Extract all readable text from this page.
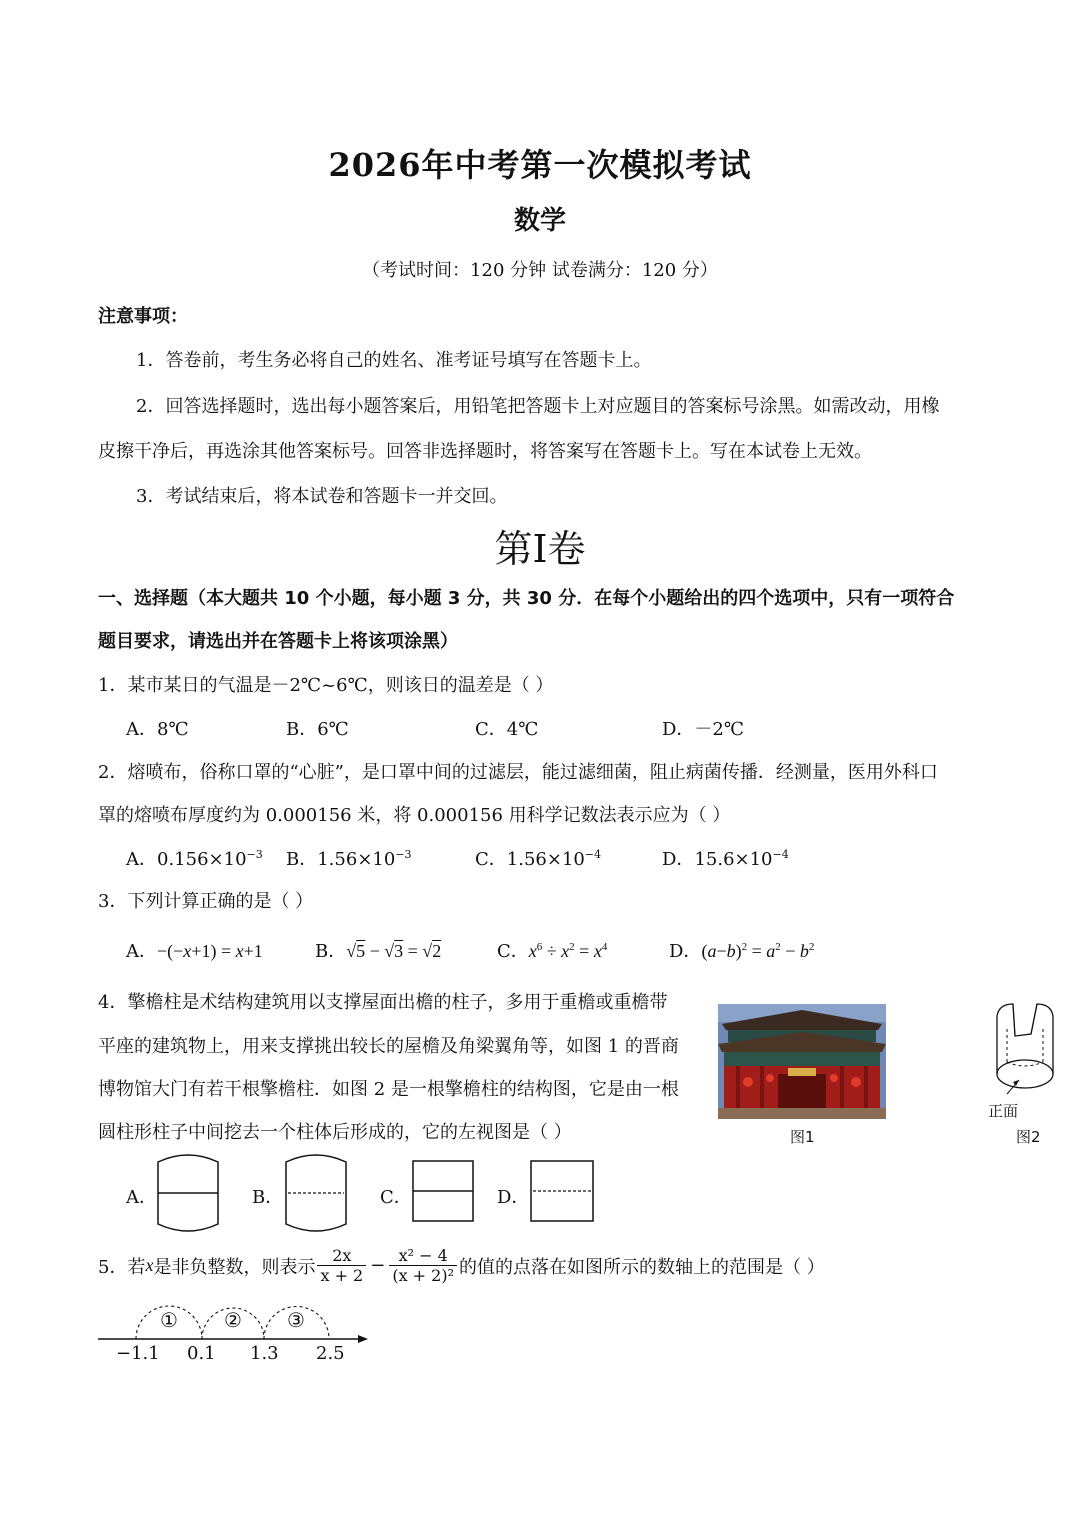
2026年中考第一次模拟考试
数学
（考试时间：120 分钟 试卷满分：120 分）
注意事项：
1．答卷前，考生务必将自己的姓名、准考证号填写在答题卡上。
2．回答选择题时，选出每小题答案后，用铅笔把答题卡上对应题目的答案标号涂黑。如需改动，用橡
皮擦干净后，再选涂其他答案标号。回答非选择题时，将答案写在答题卡上。写在本试卷上无效。
3．考试结束后，将本试卷和答题卡一并交回。
第I卷
一、选择题（本大题共 10 个小题，每小题 3 分，共 30 分．在每个小题给出的四个选项中，只有一项符合
题目要求，请选出并在答题卡上将该项涂黑）
1．某市某日的气温是－2℃~6℃，则该日的温差是（ ）
A．8℃	B．6℃	C．4℃	D．－2℃
2．熔喷布，俗称口罩的“心脏”，是口罩中间的过滤层，能过滤细菌，阻止病菌传播．经测量，医用外科口
罩的熔喷布厚度约为 0.000156 米，将 0.000156 用科学记数法表示应为（ ）
A．$0.156\times 10^{-3}$ B．$1.56\times 10^{-3}$	C．$1.56\times 10^{-4}$	D．$15.6\times 10^{-4}$
3．下列计算正确的是（ ）
A．−(−x+1) = x+1	B．√5 − √3 = √2	C．$x^6 \div x^2 = x^4$	D．$(a-b)^2 = a^2 - b^2$
4．擎檐柱是术结构建筑用以支撑屋面出檐的柱子，多用于重檐或重檐带
平座的建筑物上，用来支撑挑出较长的屋檐及角梁翼角等，如图 1 的晋商
博物馆大门有若干根擎檐柱．如图 2 是一根擎檐柱的结构图，它是由一根
圆柱形柱子中间挖去一个柱体后形成的，它的左视图是（ ）	图1
正面
图2
A．	B．	C．	D．
5．若 x 是非负整数，则表示 $\frac{2x}{x + 2} - \frac{\text{x² − 4}}{\text{(x + 2)²}}$ 的值的点落在如图所示的数轴上的范围是（ ）
① ② ③
−1.1 0.1 1.3 2.5
